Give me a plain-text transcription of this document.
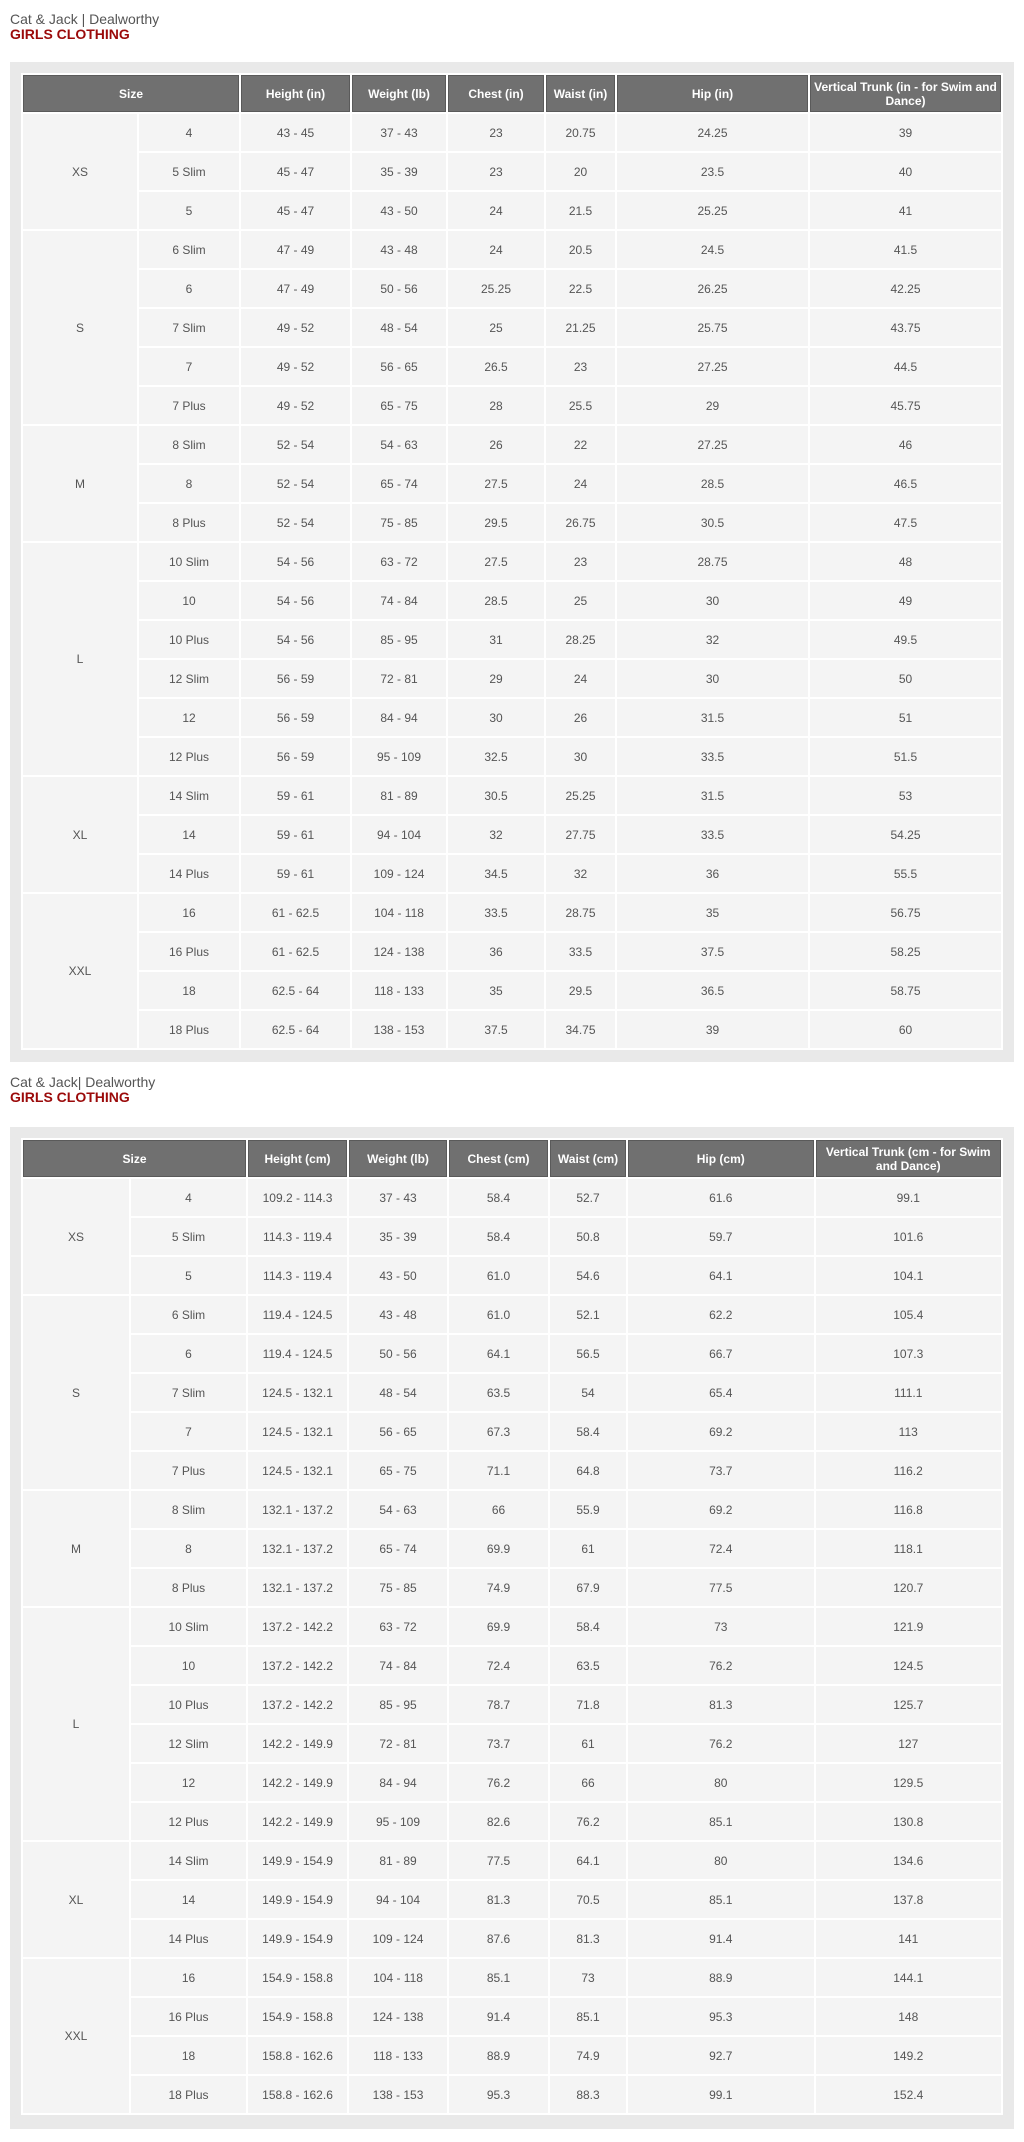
Cat & Jack | Dealworthy
GIRLS CLOTHING
Size		Height (in)	Weight (lb)	Chest (in)	Waist (in)	Hip (in)	Vertical Trunk (in - for Swim and Dance)
XS	4	43 - 45	37 - 43	23	20.75	24.25	39
	5 Slim	45 - 47	35 - 39	23	20	23.5	40
	5	45 - 47	43 - 50	24	21.5	25.25	41
S	6 Slim	47 - 49	43 - 48	24	20.5	24.5	41.5
	6	47 - 49	50 - 56	25.25	22.5	26.25	42.25
	7 Slim	49 - 52	48 - 54	25	21.25	25.75	43.75
	7	49 - 52	56 - 65	26.5	23	27.25	44.5
	7 Plus	49 - 52	65 - 75	28	25.5	29	45.75
M	8 Slim	52 - 54	54 - 63	26	22	27.25	46
	8	52 - 54	65 - 74	27.5	24	28.5	46.5
	8 Plus	52 - 54	75 - 85	29.5	26.75	30.5	47.5
L	10 Slim	54 - 56	63 - 72	27.5	23	28.75	48
	10	54 - 56	74 - 84	28.5	25	30	49
	10 Plus	54 - 56	85 - 95	31	28.25	32	49.5
	12 Slim	56 - 59	72 - 81	29	24	30	50
	12	56 - 59	84 - 94	30	26	31.5	51
	12 Plus	56 - 59	95 - 109	32.5	30	33.5	51.5
XL	14 Slim	59 - 61	81 - 89	30.5	25.25	31.5	53
	14	59 - 61	94 - 104	32	27.75	33.5	54.25
	14 Plus	59 - 61	109 - 124	34.5	32	36	55.5
XXL	16	61 - 62.5	104 - 118	33.5	28.75	35	56.75
	16 Plus	61 - 62.5	124 - 138	36	33.5	37.5	58.25
	18	62.5 - 64	118 - 133	35	29.5	36.5	58.75
	18 Plus	62.5 - 64	138 - 153	37.5	34.75	39	60
Cat & Jack| Dealworthy
GIRLS CLOTHING
Size		Height (cm)	Weight (lb)	Chest (cm)	Waist (cm)	Hip (cm)	Vertical Trunk (cm - for Swim and Dance)
XS	4	109.2 - 114.3	37 - 43	58.4	52.7	61.6	99.1
	5 Slim	114.3 - 119.4	35 - 39	58.4	50.8	59.7	101.6
	5	114.3 - 119.4	43 - 50	61.0	54.6	64.1	104.1
S	6 Slim	119.4 - 124.5	43 - 48	61.0	52.1	62.2	105.4
	6	119.4 - 124.5	50 - 56	64.1	56.5	66.7	107.3
	7 Slim	124.5 - 132.1	48 - 54	63.5	54	65.4	111.1
	7	124.5 - 132.1	56 - 65	67.3	58.4	69.2	113
	7 Plus	124.5 - 132.1	65 - 75	71.1	64.8	73.7	116.2
M	8 Slim	132.1 - 137.2	54 - 63	66	55.9	69.2	116.8
	8	132.1 - 137.2	65 - 74	69.9	61	72.4	118.1
	8 Plus	132.1 - 137.2	75 - 85	74.9	67.9	77.5	120.7
L	10 Slim	137.2 - 142.2	63 - 72	69.9	58.4	73	121.9
	10	137.2 - 142.2	74 - 84	72.4	63.5	76.2	124.5
	10 Plus	137.2 - 142.2	85 - 95	78.7	71.8	81.3	125.7
	12 Slim	142.2 - 149.9	72 - 81	73.7	61	76.2	127
	12	142.2 - 149.9	84 - 94	76.2	66	80	129.5
	12 Plus	142.2 - 149.9	95 - 109	82.6	76.2	85.1	130.8
XL	14 Slim	149.9 - 154.9	81 - 89	77.5	64.1	80	134.6
	14	149.9 - 154.9	94 - 104	81.3	70.5	85.1	137.8
	14 Plus	149.9 - 154.9	109 - 124	87.6	81.3	91.4	141
XXL	16	154.9 - 158.8	104 - 118	85.1	73	88.9	144.1
	16 Plus	154.9 - 158.8	124 - 138	91.4	85.1	95.3	148
	18	158.8 - 162.6	118 - 133	88.9	74.9	92.7	149.2
	18 Plus	158.8 - 162.6	138 - 153	95.3	88.3	99.1	152.4
